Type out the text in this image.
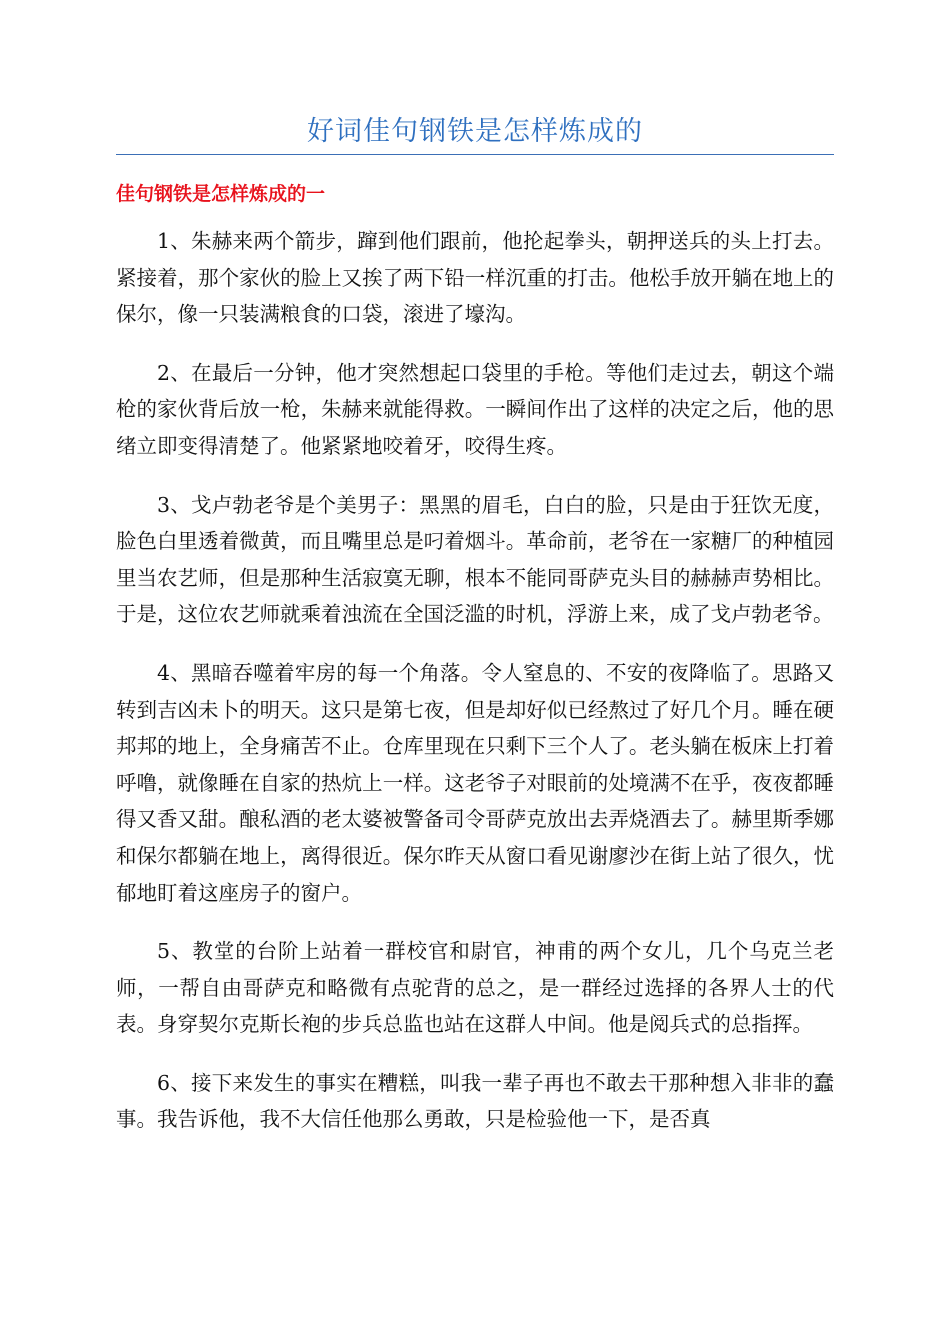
好词佳句钢铁是怎样炼成的
佳句钢铁是怎样炼成的一

1、朱赫来两个箭步，蹿到他们跟前，他抡起拳头，朝押送兵的头上打去。紧接着，那个家伙的脸上又挨了两下铅一样沉重的打击。他松手放开躺在地上的保尔，像一只装满粮食的口袋，滚进了壕沟。

2、在最后一分钟，他才突然想起口袋里的手枪。等他们走过去，朝这个端枪的家伙背后放一枪，朱赫来就能得救。一瞬间作出了这样的决定之后，他的思绪立即变得清楚了。他紧紧地咬着牙，咬得生疼。

3、戈卢勃老爷是个美男子：黑黑的眉毛，白白的脸，只是由于狂饮无度，脸色白里透着微黄，而且嘴里总是叼着烟斗。革命前，老爷在一家糖厂的种植园里当农艺师，但是那种生活寂寞无聊，根本不能同哥萨克头目的赫赫声势相比。于是，这位农艺师就乘着浊流在全国泛滥的时机，浮游上来，成了戈卢勃老爷。

4、黑暗吞噬着牢房的每一个角落。令人窒息的、不安的夜降临了。思路又转到吉凶未卜的明天。这只是第七夜，但是却好似已经熬过了好几个月。睡在硬邦邦的地上，全身痛苦不止。仓库里现在只剩下三个人了。老头躺在板床上打着呼噜，就像睡在自家的热炕上一样。这老爷子对眼前的处境满不在乎，夜夜都睡得又香又甜。酿私酒的老太婆被警备司令哥萨克放出去弄烧酒去了。赫里斯季娜和保尔都躺在地上，离得很近。保尔昨天从窗口看见谢廖沙在街上站了很久，忧郁地盯着这座房子的窗户。

5、教堂的台阶上站着一群校官和尉官，神甫的两个女儿，几个乌克兰老师，一帮自由哥萨克和略微有点驼背的总之，是一群经过选择的各界人士的代表。身穿契尔克斯长袍的步兵总监也站在这群人中间。他是阅兵式的总指挥。

6、接下来发生的事实在糟糕，叫我一辈子再也不敢去干那种想入非非的蠢事。我告诉他，我不大信任他那么勇敢，只是检验他一下，是否真
